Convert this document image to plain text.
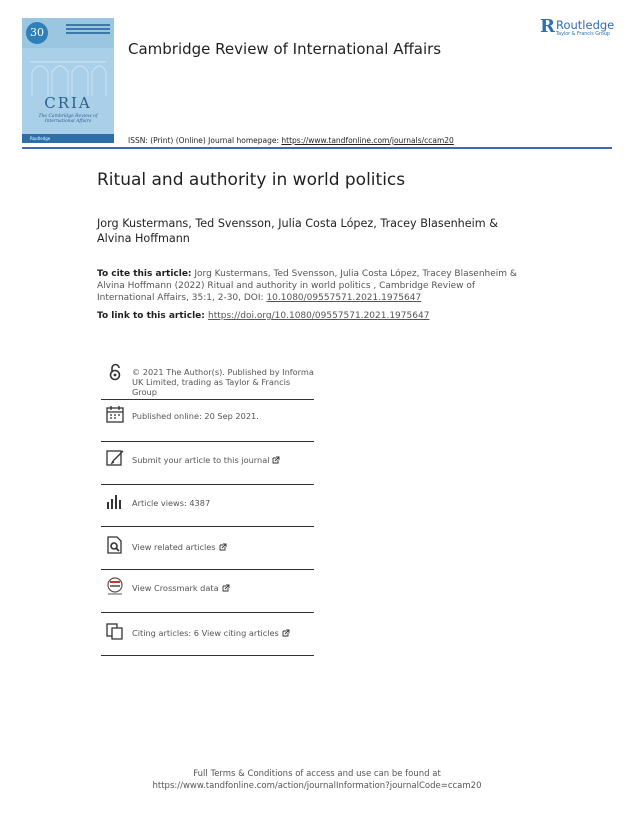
30
CRIA
The Cambridge Review of International Affairs
Routledge
Cambridge Review of International Affairs
ISSN: (Print) (Online) Journal homepage: https://www.tandfonline.com/journals/ccam20
R Routledge
Taylor & Francis Group
Ritual and authority in world politics
Jorg Kustermans, Ted Svensson, Julia Costa López, Tracey Blasenheim & Alvina Hoffmann
To cite this article: Jorg Kustermans, Ted Svensson, Julia Costa López, Tracey Blasenheim & Alvina Hoffmann (2022) Ritual and authority in world politics , Cambridge Review of International Affairs, 35:1, 2-30, DOI: 10.1080/09557571.2021.1975647
To link to this article: https://doi.org/10.1080/09557571.2021.1975647
© 2021 The Author(s). Published by Informa UK Limited, trading as Taylor & Francis Group
Published online: 20 Sep 2021.
Submit your article to this journal
Article views: 4387
View related articles
View Crossmark data
Citing articles: 6 View citing articles
Full Terms & Conditions of access and use can be found at
https://www.tandfonline.com/action/journalInformation?journalCode=ccam20
